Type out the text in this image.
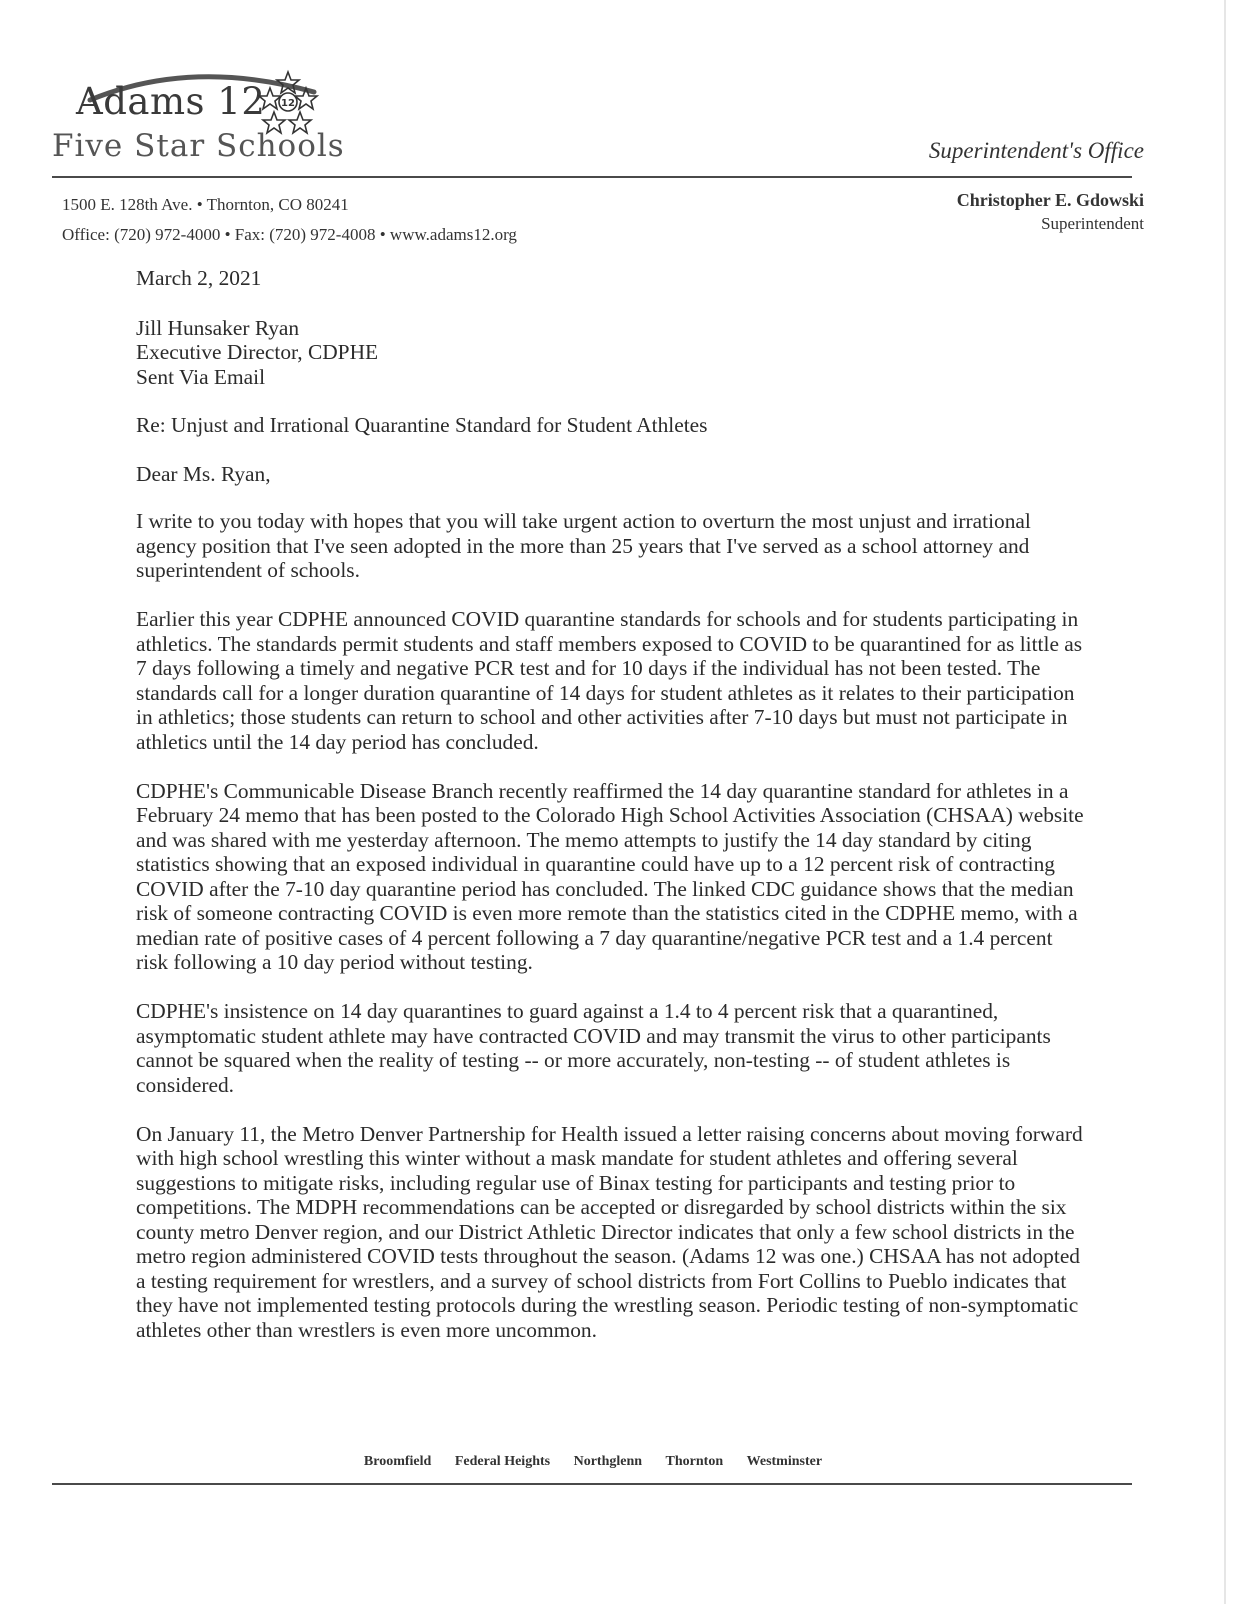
Adams 12 12
Five Star Schools	Superintendent's Office
1500 E. 128th Ave. • Thornton, CO 80241
Office: (720) 972-4000 • Fax: (720) 972-4008 • www.adams12.org
Christopher E. Gdowski
Superintendent

March 2, 2021

Jill Hunsaker Ryan
Executive Director, CDPHE
Sent Via Email

Re: Unjust and Irrational Quarantine Standard for Student Athletes

Dear Ms. Ryan,

I write to you today with hopes that you will take urgent action to overturn the most unjust and irrational agency position that I've seen adopted in the more than 25 years that I've served as a school attorney and superintendent of schools.

Earlier this year CDPHE announced COVID quarantine standards for schools and for students participating in athletics. The standards permit students and staff members exposed to COVID to be quarantined for as little as 7 days following a timely and negative PCR test and for 10 days if the individual has not been tested. The standards call for a longer duration quarantine of 14 days for student athletes as it relates to their participation in athletics; those students can return to school and other activities after 7-10 days but must not participate in athletics until the 14 day period has concluded.

CDPHE's Communicable Disease Branch recently reaffirmed the 14 day quarantine standard for athletes in a February 24 memo that has been posted to the Colorado High School Activities Association (CHSAA) website and was shared with me yesterday afternoon. The memo attempts to justify the 14 day standard by citing statistics showing that an exposed individual in quarantine could have up to a 12 percent risk of contracting COVID after the 7-10 day quarantine period has concluded. The linked CDC guidance shows that the median risk of someone contracting COVID is even more remote than the statistics cited in the CDPHE memo, with a median rate of positive cases of 4 percent following a 7 day quarantine/negative PCR test and a 1.4 percent risk following a 10 day period without testing.

CDPHE's insistence on 14 day quarantines to guard against a 1.4 to 4 percent risk that a quarantined, asymptomatic student athlete may have contracted COVID and may transmit the virus to other participants cannot be squared when the reality of testing -- or more accurately, non-testing -- of student athletes is considered.

On January 11, the Metro Denver Partnership for Health issued a letter raising concerns about moving forward with high school wrestling this winter without a mask mandate for student athletes and offering several suggestions to mitigate risks, including regular use of Binax testing for participants and testing prior to competitions. The MDPH recommendations can be accepted or disregarded by school districts within the six county metro Denver region, and our District Athletic Director indicates that only a few school districts in the metro region administered COVID tests throughout the season. (Adams 12 was one.) CHSAA has not adopted a testing requirement for wrestlers, and a survey of school districts from Fort Collins to Pueblo indicates that they have not implemented testing protocols during the wrestling season. Periodic testing of non-symptomatic athletes other than wrestlers is even more uncommon.

Broomfield Federal Heights Northglenn Thornton Westminster
